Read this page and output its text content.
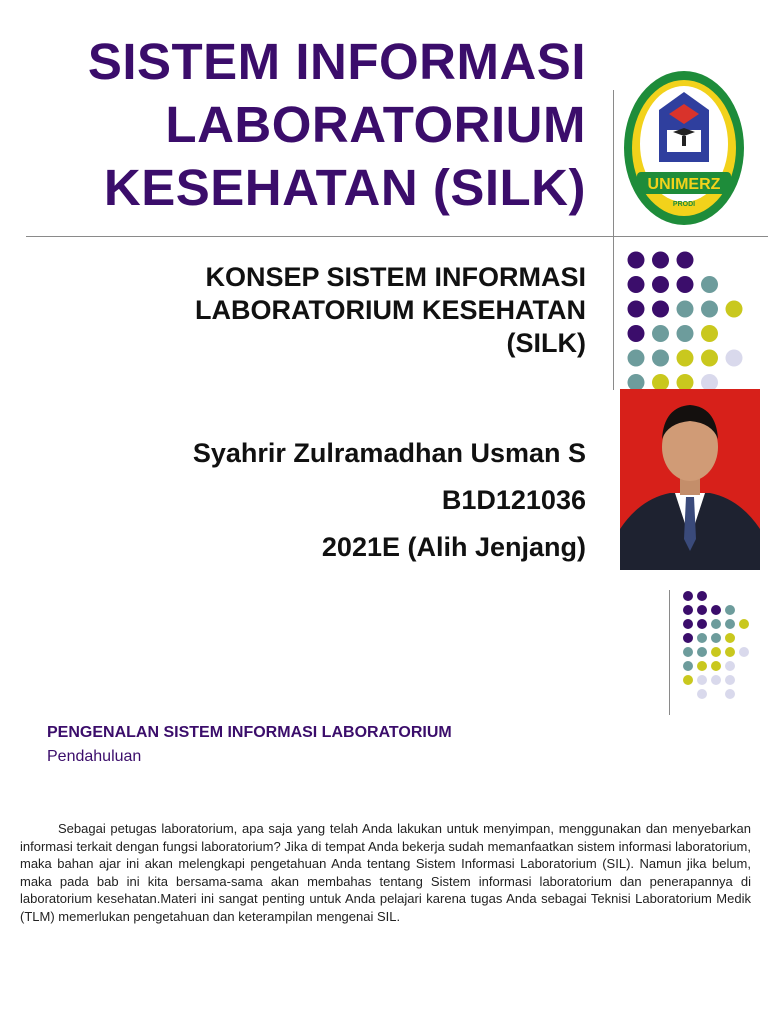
SISTEM INFORMASI
LABORATORIUM
KESEHATAN (SILK)	UNIMERZ
PRODI
KONSEP SISTEM INFORMASI
LABORATORIUM KESEHATAN
(SILK)
Syahrir Zulramadhan Usman S
B1D121036
2021E (Alih Jenjang)
PENGENALAN SISTEM INFORMASI LABORATORIUM

Pendahuluan

Sebagai petugas laboratorium, apa saja yang telah Anda lakukan untuk menyimpan, menggunakan dan menyebarkan informasi terkait dengan fungsi laboratorium? Jika di tempat Anda bekerja sudah memanfaatkan sistem informasi laboratorium, maka bahan ajar ini akan melengkapi pengetahuan Anda tentang Sistem Informasi Laboratorium (SIL). Namun jika belum, maka pada bab ini kita bersama-sama akan membahas tentang Sistem informasi laboratorium dan penerapannya di laboratorium kesehatan.Materi ini sangat penting untuk Anda pelajari karena tugas Anda sebagai Teknisi Laboratorium Medik (TLM) memerlukan pengetahuan dan keterampilan mengenai SIL.
